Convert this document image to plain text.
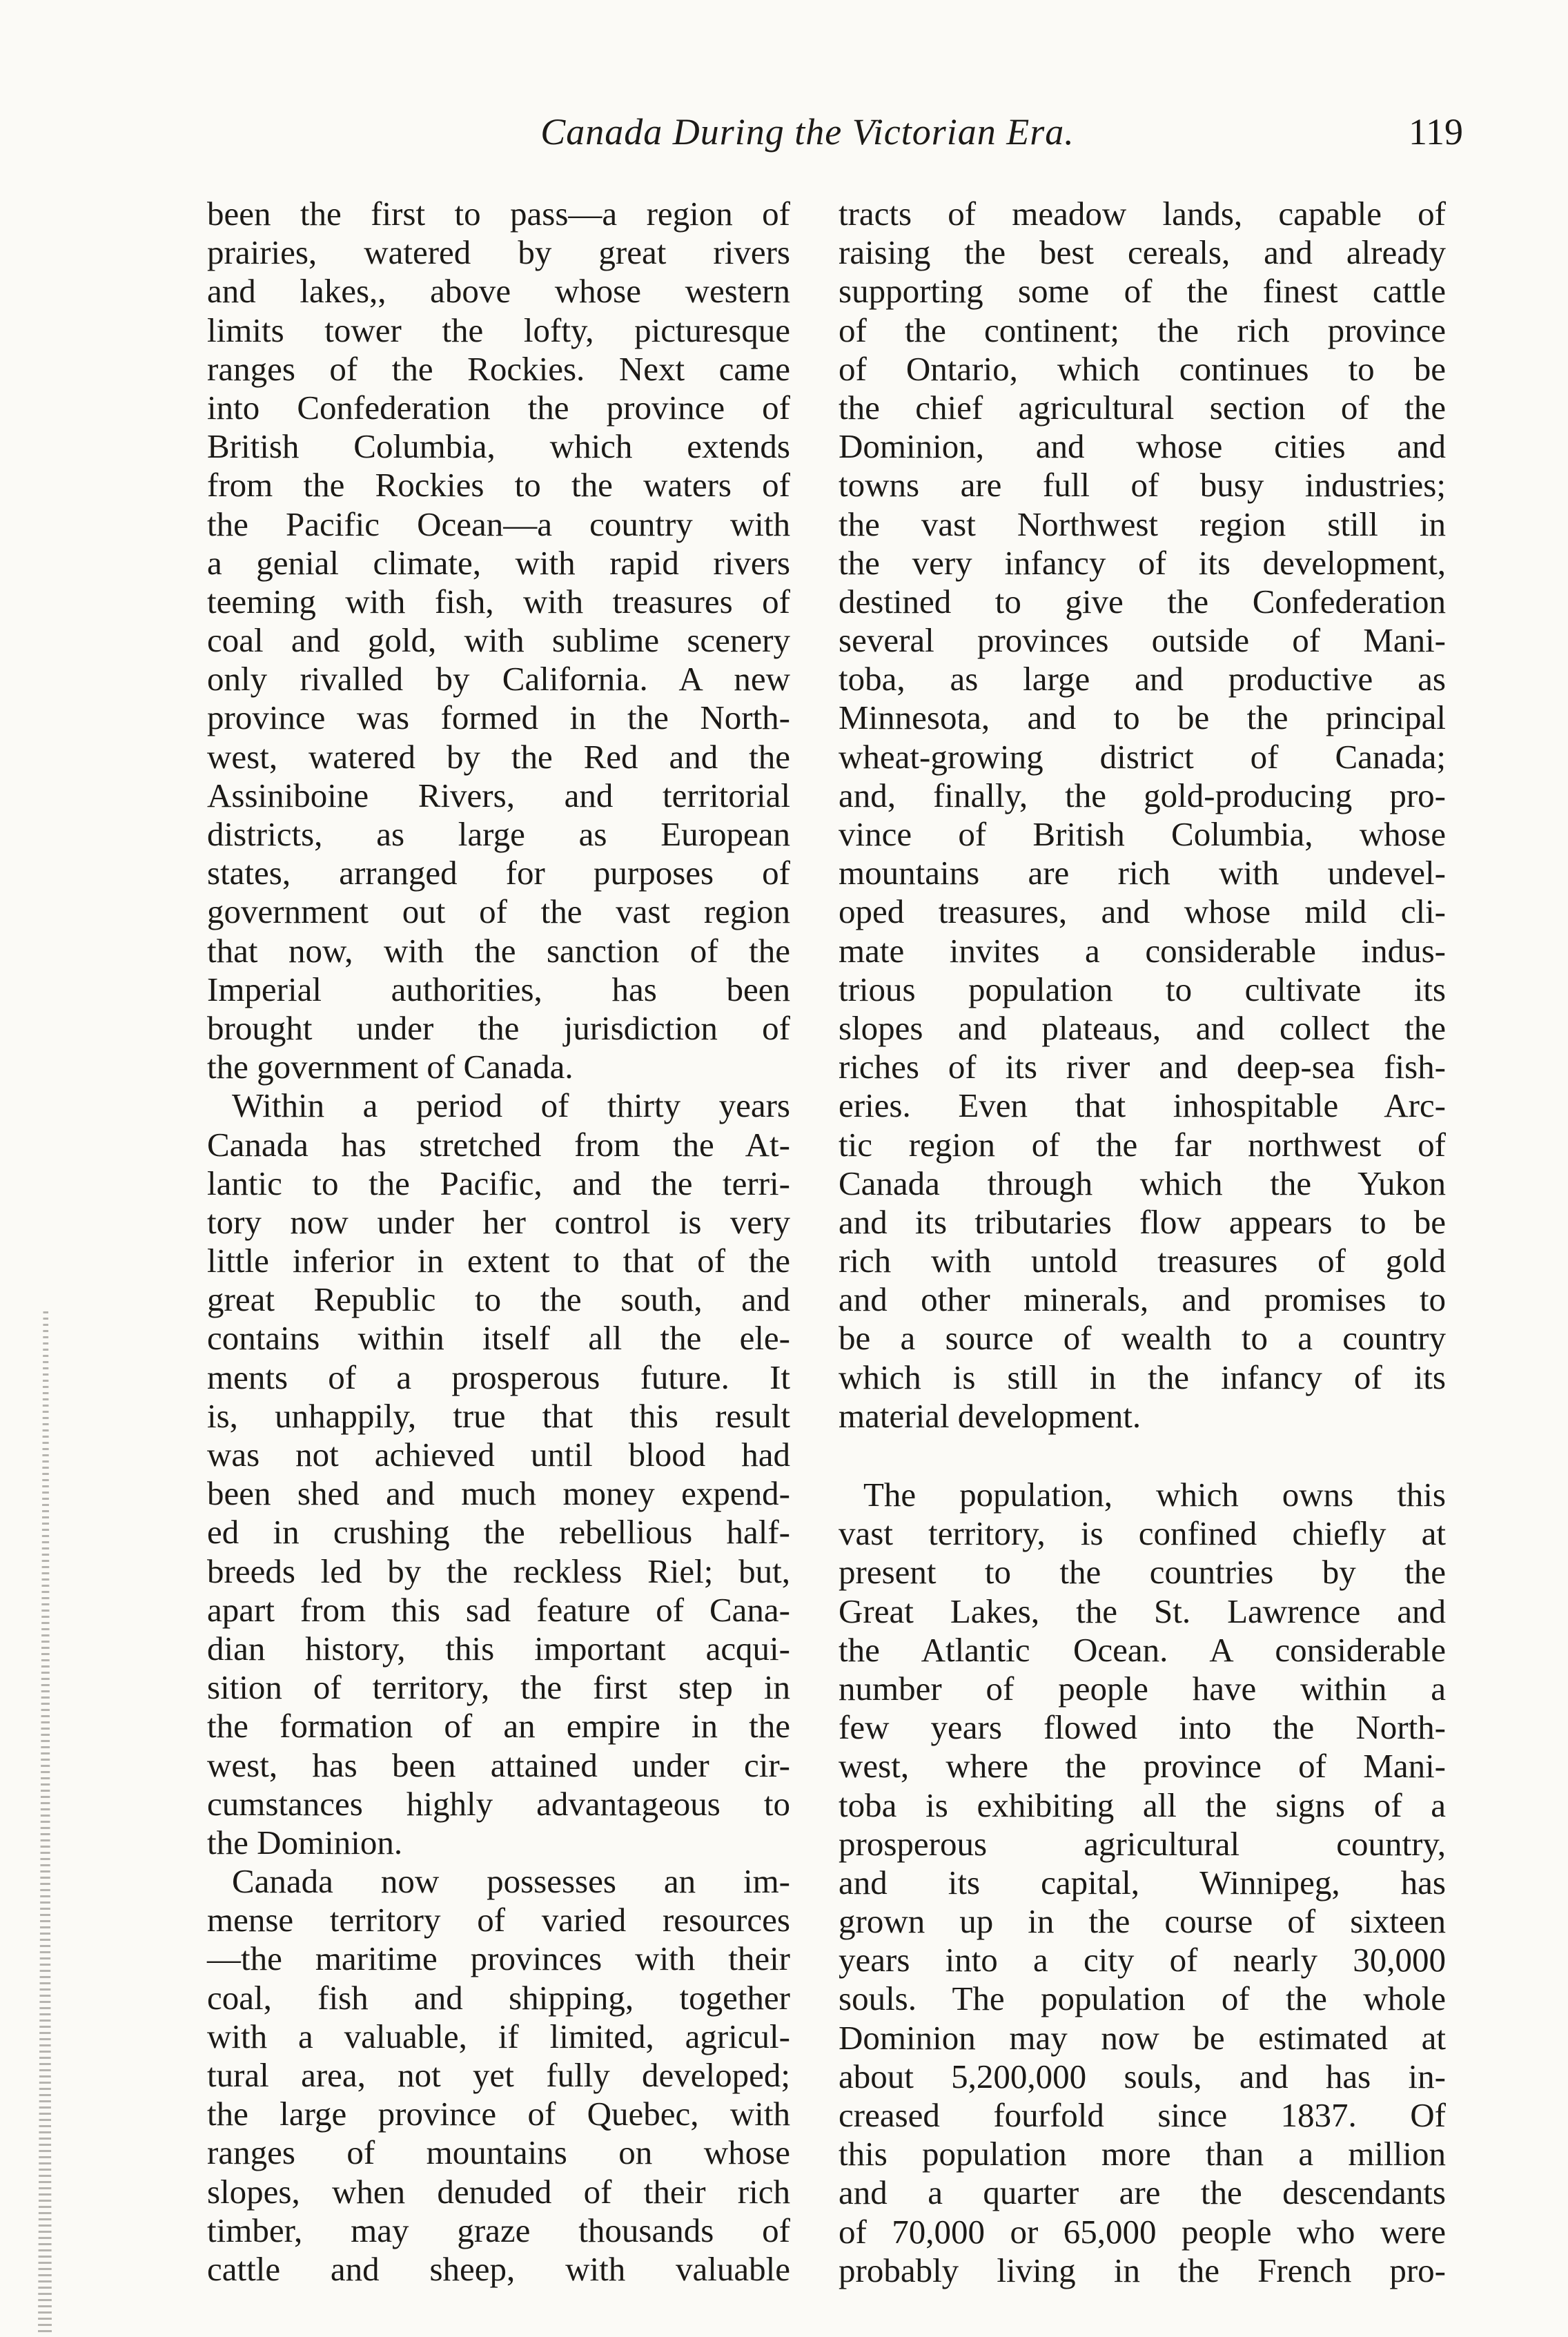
Canada During the Victorian Era.	119
been the first to pass—a region of
prairies, watered by great rivers
and lakes,, above whose western
limits tower the lofty, picturesque
ranges of the Rockies. Next came
into Confederation the province of
British Columbia, which extends
from the Rockies to the waters of
the Pacific Ocean—a country with
a genial climate, with rapid rivers
teeming with fish, with treasures of
coal and gold, with sublime scenery
only rivalled by California. A new
province was formed in the North-
west, watered by the Red and the
Assiniboine Rivers, and territorial
districts, as large as European
states, arranged for purposes of
government out of the vast region
that now, with the sanction of the
Imperial authorities, has been
brought under the jurisdiction of
the government of Canada.
Within a period of thirty years
Canada has stretched from the At-
lantic to the Pacific, and the terri-
tory now under her control is very
little inferior in extent to that of the
great Republic to the south, and
contains within itself all the ele-
ments of a prosperous future. It
is, unhappily, true that this result
was not achieved until blood had
been shed and much money expend-
ed in crushing the rebellious half-
breeds led by the reckless Riel; but,
apart from this sad feature of Cana-
dian history, this important acqui-
sition of territory, the first step in
the formation of an empire in the
west, has been attained under cir-
cumstances highly advantageous to
the Dominion.
Canada now possesses an im-
mense territory of varied resources
—the maritime provinces with their
coal, fish and shipping, together
with a valuable, if limited, agricul-
tural area, not yet fully developed;
the large province of Quebec, with
ranges of mountains on whose
slopes, when denuded of their rich
timber, may graze thousands of
cattle and sheep, with valuable
tracts of meadow lands, capable of
raising the best cereals, and already
supporting some of the finest cattle
of the continent; the rich province
of Ontario, which continues to be
the chief agricultural section of the
Dominion, and whose cities and
towns are full of busy industries;
the vast Northwest region still in
the very infancy of its development,
destined to give the Confederation
several provinces outside of Mani-
toba, as large and productive as
Minnesota, and to be the principal
wheat-growing district of Canada;
and, finally, the gold-producing pro-
vince of British Columbia, whose
mountains are rich with undevel-
oped treasures, and whose mild cli-
mate invites a considerable indus-
trious population to cultivate its
slopes and plateaus, and collect the
riches of its river and deep-sea fish-
eries. Even that inhospitable Arc-
tic region of the far northwest of
Canada through which the Yukon
and its tributaries flow appears to be
rich with untold treasures of gold
and other minerals, and promises to
be a source of wealth to a country
which is still in the infancy of its
material development.
The population, which owns this
vast territory, is confined chiefly at
present to the countries by the
Great Lakes, the St. Lawrence and
the Atlantic Ocean. A considerable
number of people have within a
few years flowed into the North-
west, where the province of Mani-
toba is exhibiting all the signs of a
prosperous agricultural country,
and its capital, Winnipeg, has
grown up in the course of sixteen
years into a city of nearly 30,000
souls. The population of the whole
Dominion may now be estimated at
about 5,200,000 souls, and has in-
creased fourfold since 1837. Of
this population more than a million
and a quarter are the descendants
of 70,000 or 65,000 people who were
probably living in the French pro-
